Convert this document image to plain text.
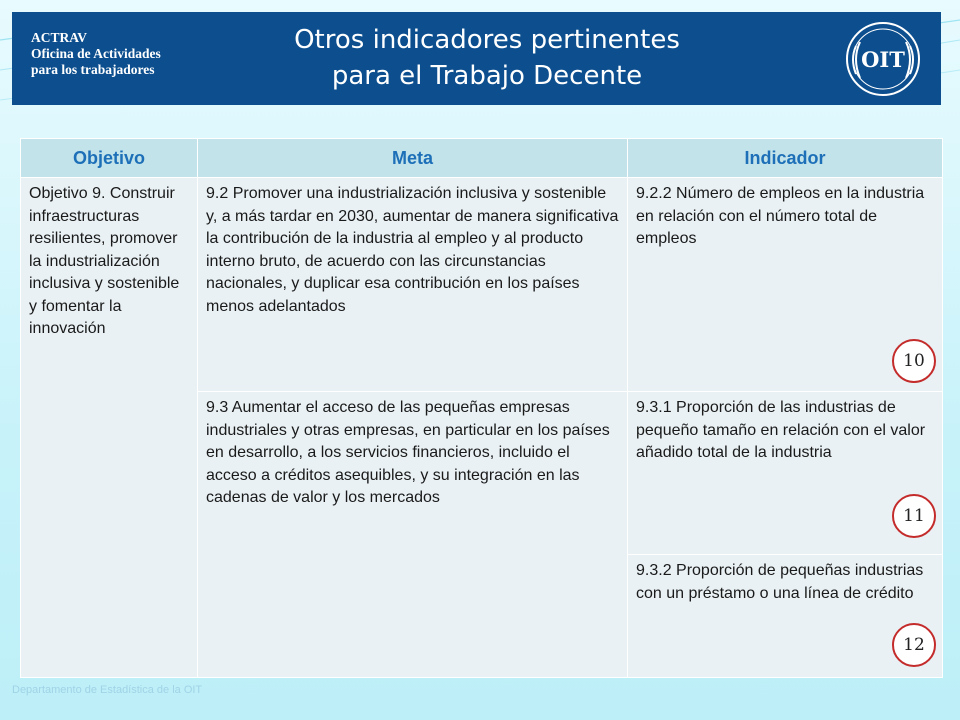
ACTRAV
Oficina de Actividades
para los trabajadores
Otros indicadores pertinentes
para el Trabajo Decente
OIT
Objetivo	Meta	Indicador
Objetivo 9. Construir infraestructuras resilientes, promover la industrialización inclusiva y sostenible y fomentar la innovación	9.2 Promover una industrialización inclusiva y sostenible y, a más tardar en 2030, aumentar de manera significativa la contribución de la industria al empleo y al producto interno bruto, de acuerdo con las circunstancias nacionales, y duplicar esa contribución en los países menos adelantados	9.2.2 Número de empleos en la industria en relación con el número total de empleos
10

	9.3 Aumentar el acceso de las pequeñas empresas industriales y otras empresas, en particular en los países en desarrollo, a los servicios financieros, incluido el acceso a créditos asequibles, y su integración en las cadenas de valor y los mercados	9.3.1 Proporción de las industrias de pequeño tamaño en relación con el valor añadido total de la industria
11

		9.3.2 Proporción de pequeñas industrias con un préstamo o una línea de crédito
12
Departamento de Estadística de la OIT
